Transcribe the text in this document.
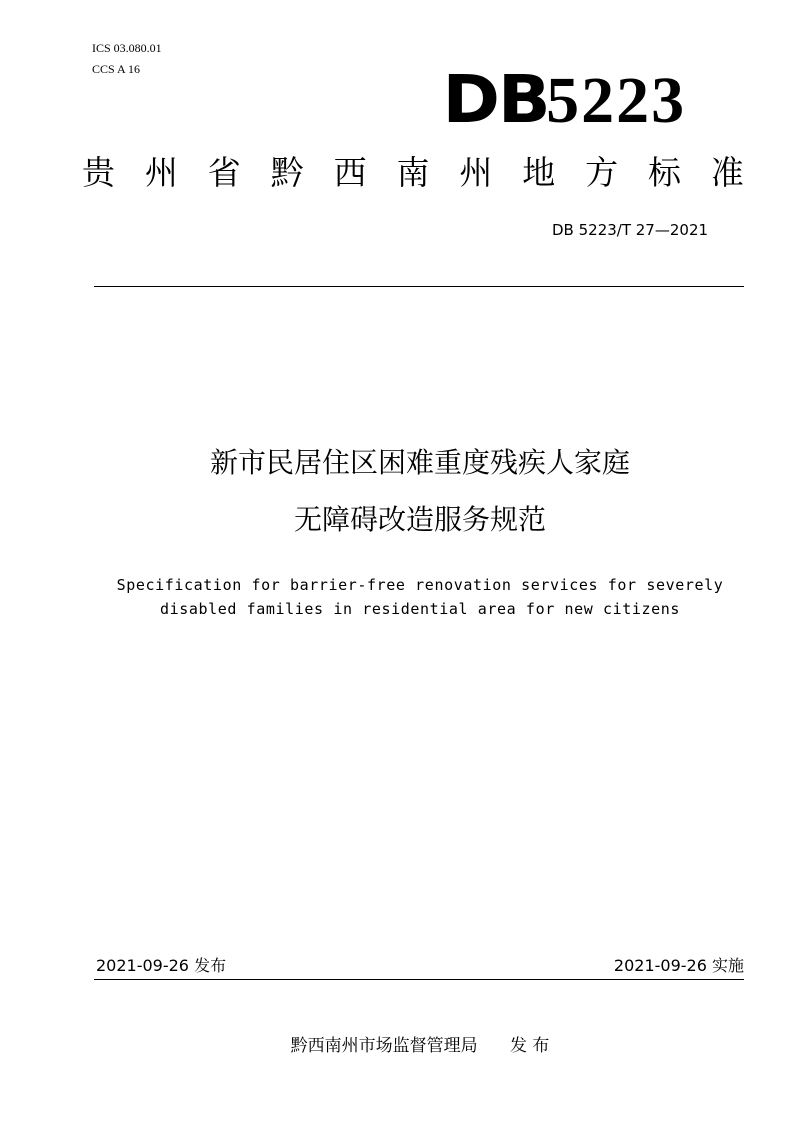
ICS 03.080.01
CCS A 16	DB5223
贵 州 省 黔 西 南 州 地 方 标 准
DB 5223/T 27—2021
新市民居住区困难重度残疾人家庭
无障碍改造服务规范
Specification for barrier-free renovation services for severely
disabled families in residential area for new citizens
2021-09-26 发布	2021-09-26 实施
黔西南州市场监督管理局 发 布
